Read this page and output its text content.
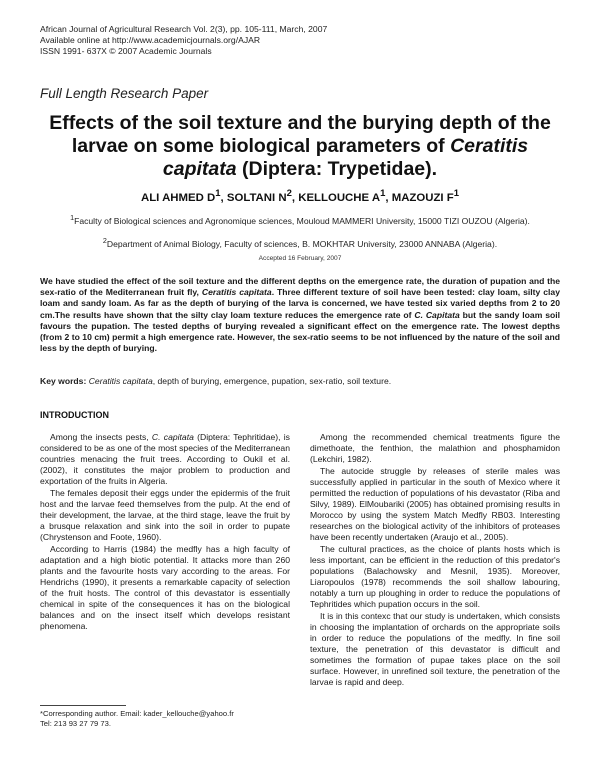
African Journal of Agricultural Research Vol. 2(3), pp. 105-111, March, 2007
Available online at http://www.academicjournals.org/AJAR
ISSN 1991- 637X © 2007 Academic Journals
Full Length Research Paper
Effects of the soil texture and the burying depth of the larvae on some biological parameters of Ceratitis capitata (Diptera: Trypetidae).
ALI AHMED $D^1$, SOLTANI $N^2$, KELLOUCHE $A^1$, MAZOUZI $F^1$
$^1$Faculty of Biological sciences and Agronomique sciences, Mouloud MAMMERI University, 15000 TIZI OUZOU (Algeria).
$^2$Department of Animal Biology, Faculty of sciences, B. MOKHTAR University, 23000 ANNABA (Algeria).
Accepted 16 February, 2007
We have studied the effect of the soil texture and the different depths on the emergence rate, the duration of pupation and the sex-ratio of the Mediterranean fruit fly, Ceratitis capitata. Three different texture of soil have been tested: clay loam, silty clay loam and sandy loam. As far as the depth of burying of the larva is concerned, we have tested six varied depths from 2 to 20 cm.The results have shown that the silty clay loam texture reduces the emergence rate of C. Capitata but the sandy loam soil favours the pupation. The tested depths of burying revealed a significant effect on the emergence rate. The lowest depths (from 2 to 10 cm) permit a high emergence rate. However, the sex-ratio seems to be not influenced by the nature of the soil and less by the depth of burying.
Key words: Ceratitis capitata, depth of burying, emergence, pupation, sex-ratio, soil texture.
INTRODUCTION

Among the insects pests, C. capitata (Diptera: Tephritidae), is considered to be as one of the most species of the Mediterranean countries menacing the fruit trees. According to Oukil et al. (2002), it constitutes the major problem to production and exportation of the fruits in Algeria.

The females deposit their eggs under the epidermis of the fruit host and the larvae feed themselves from the pulp. At the end of their development, the larvae, at the third stage, leave the fruit by a brusque relaxation and sink into the soil in order to pupate (Chrystenson and Foote, 1960).

According to Harris (1984) the medfly has a high faculty of adaptation and a high biotic potential. It attacks more than 260 plants and the favourite hosts vary according to the areas. For Hendrichs (1990), it presents a remarkable capacity of selection of the fruit hosts. The control of this devastator is essentially chemical in spite of the consequences it has on the biological balances and on the insect itself which develops resistant phenomena.

Among the recommended chemical treatments figure the dimethoate, the fenthion, the malathion and phosphamidon (Lekchiri, 1982).

The autocide struggle by releases of sterile males was successfully applied in particular in the south of Mexico where it permitted the reduction of populations of his devastator (Riba and Silvy, 1989). ElMoubariki (2005) has obtained promising results in Morocco by using the system Match Medfly RB03. Interesting researches on the biological activity of the inhibitors of proteases have been recently undertaken (Araujo et al., 2005).

The cultural practices, as the choice of plants hosts which is less important, can be efficient in the reduction of this predator's populations (Balachowsky and Mesnil, 1935). Moreover, Liaropoulos (1978) recommends the soil shallow labouring, notably a turn up ploughing in order to reduce the populations of Tephritides which pupation occurs in the soil.

It is in this contexc that our study is undertaken, which consists in choosing the implantation of orchards on the appropriate soils in order to reduce the populations of the medfly. In fine soil texture, the penetration of this devastator is difficult and sometimes the formation of pupae takes place on the soil surface. However, in unrefined soil texture, the penetration of the larvae is rapid and deep.

*Corresponding author. Email: kader_kellouche@yahoo.fr
Tel: 213 93 27 79 73.
